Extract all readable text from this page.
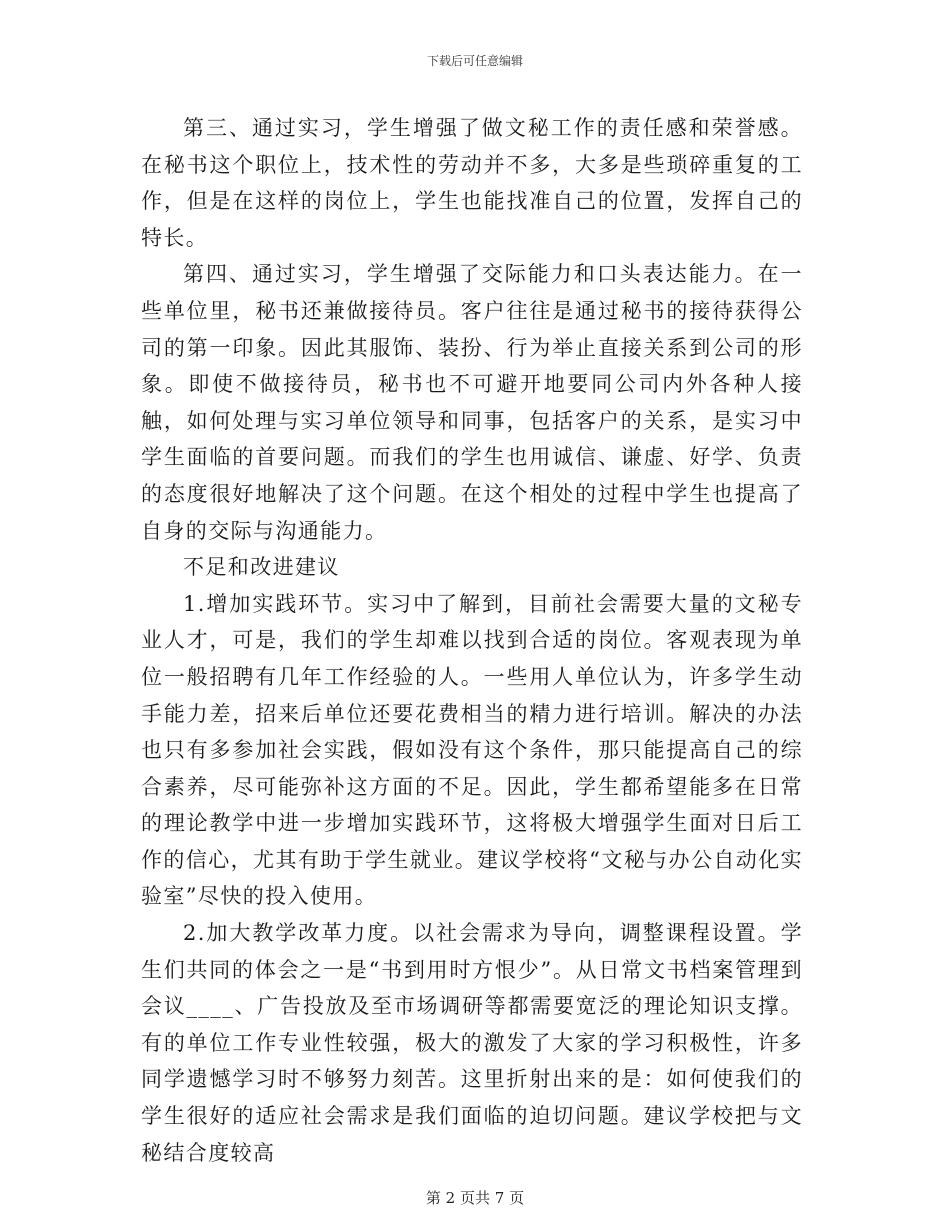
下载后可任意编辑

第三、通过实习，学生增强了做文秘工作的责任感和荣誉感。在秘书这个职位上，技术性的劳动并不多，大多是些琐碎重复的工作，但是在这样的岗位上，学生也能找准自己的位置，发挥自己的特长。

第四、通过实习，学生增强了交际能力和口头表达能力。在一些单位里，秘书还兼做接待员。客户往往是通过秘书的接待获得公司的第一印象。因此其服饰、装扮、行为举止直接关系到公司的形象。即使不做接待员，秘书也不可避开地要同公司内外各种人接触，如何处理与实习单位领导和同事，包括客户的关系，是实习中学生面临的首要问题。而我们的学生也用诚信、谦虚、好学、负责的态度很好地解决了这个问题。在这个相处的过程中学生也提高了自身的交际与沟通能力。

不足和改进建议

1.增加实践环节。实习中了解到，目前社会需要大量的文秘专业人才，可是，我们的学生却难以找到合适的岗位。客观表现为单位一般招聘有几年工作经验的人。一些用人单位认为，许多学生动手能力差，招来后单位还要花费相当的精力进行培训。解决的办法也只有多参加社会实践，假如没有这个条件，那只能提高自己的综合素养，尽可能弥补这方面的不足。因此，学生都希望能多在日常的理论教学中进一步增加实践环节，这将极大增强学生面对日后工作的信心，尤其有助于学生就业。建议学校将“文秘与办公自动化实验室”尽快的投入使用。

2.加大教学改革力度。以社会需求为导向，调整课程设置。学生们共同的体会之一是“书到用时方恨少”。从日常文书档案管理到会议____、广告投放及至市场调研等都需要宽泛的理论知识支撑。有的单位工作专业性较强，极大的激发了大家的学习积极性，许多同学遗憾学习时不够努力刻苦。这里折射出来的是：如何使我们的学生很好的适应社会需求是我们面临的迫切问题。建议学校把与文秘结合度较高

第 2 页共 7 页
